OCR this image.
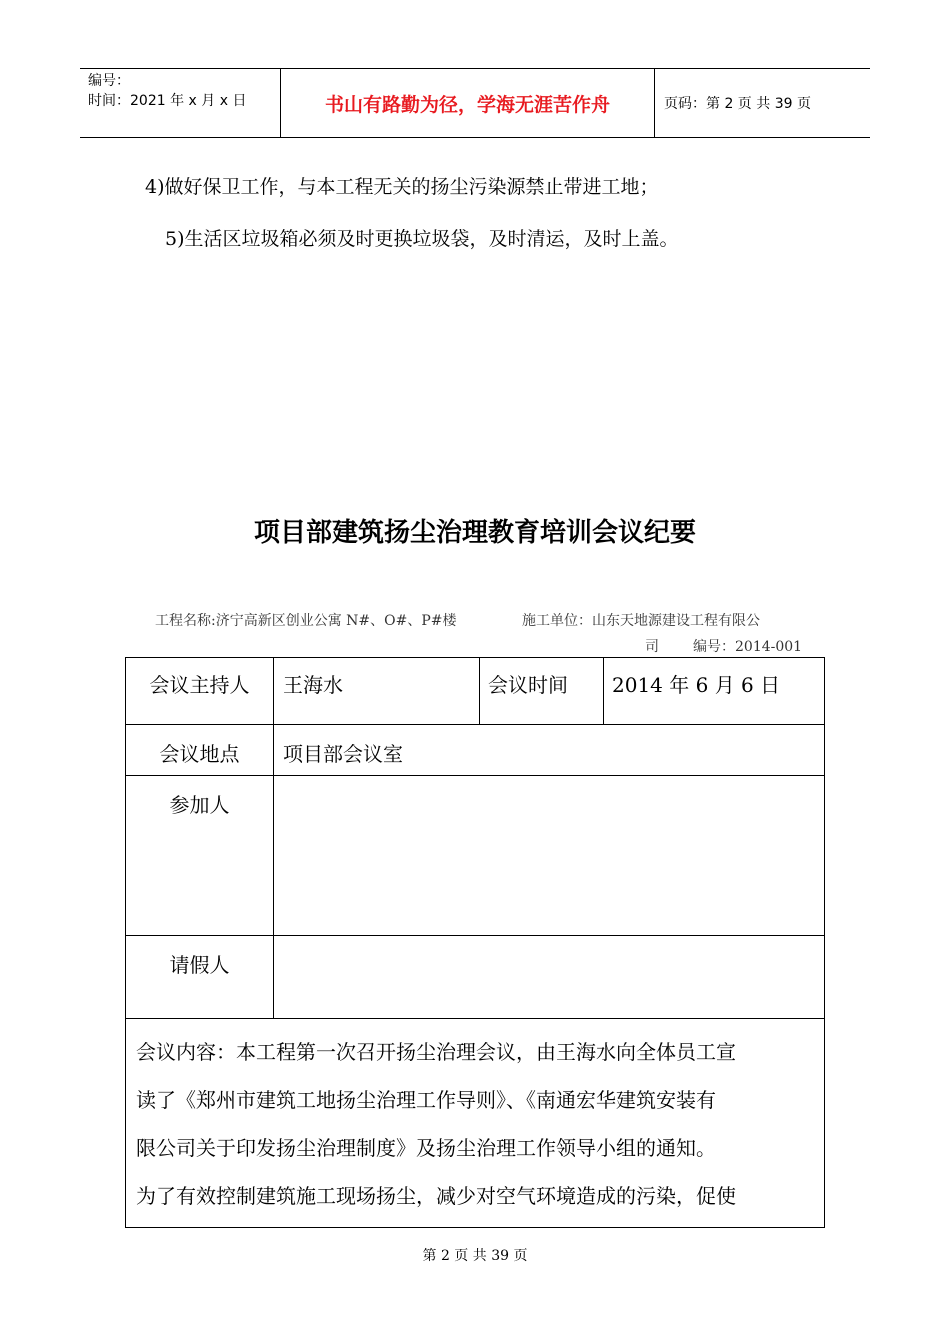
编号：
时间：2021 年 x 月 x 日	书山有路勤为径，学海无涯苦作舟	页码：第 2 页 共 39 页
4)做好保卫工作，与本工程无关的扬尘污染源禁止带进工地；
5)生活区垃圾箱必须及时更换垃圾袋，及时清运，及时上盖。
项目部建筑扬尘治理教育培训会议纪要
工程名称:济宁高新区创业公寓 N#、O#、P#楼	施工单位：山东天地源建设工程有限公
司 编号：2014-001
会议主持人	王海水	会议时间 2014 年 6 月 6 日
会议地点	项目部会议室
参加人
请假人

会议内容：本工程第一次召开扬尘治理会议，由王海水向全体员工宣

读了《郑州市建筑工地扬尘治理工作导则》、《南通宏华建筑安装有

限公司关于印发扬尘治理制度》及扬尘治理工作领导小组的通知。

为了有效控制建筑施工现场扬尘，减少对空气环境造成的污染，促使

第 2 页 共 39 页
